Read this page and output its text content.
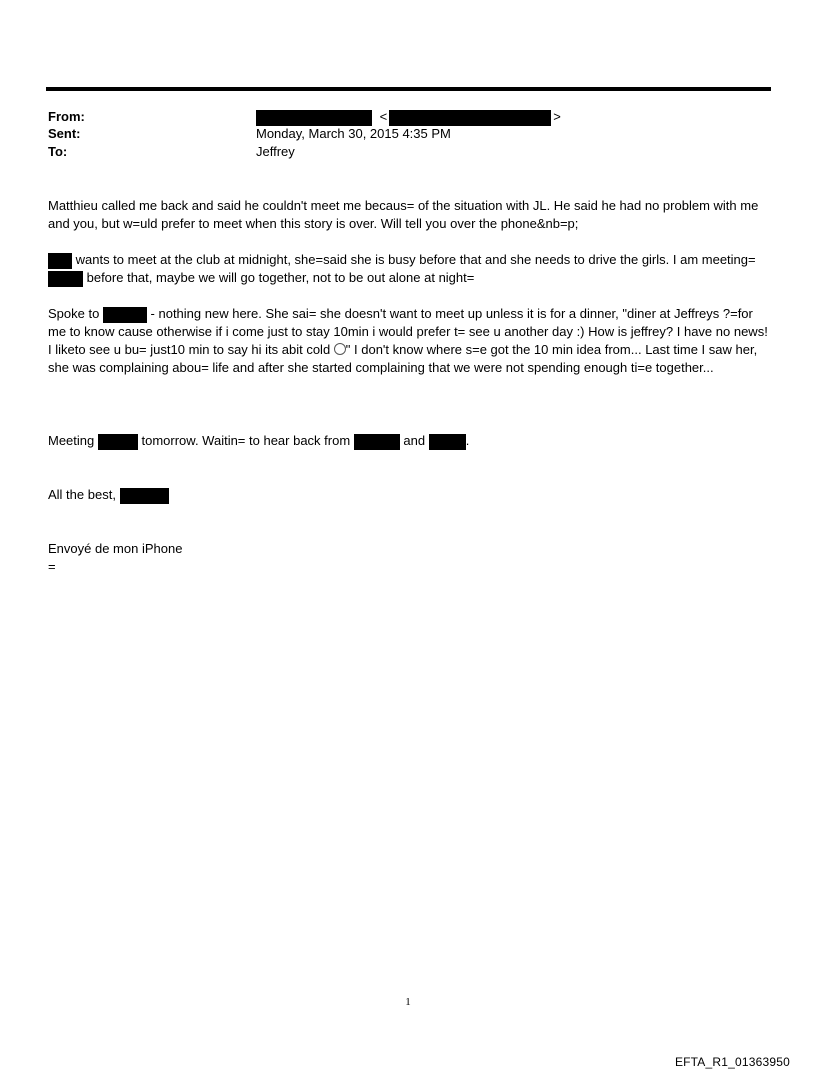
From:	<	>
Sent:	Monday, March 30, 2015 4:35 PM
To:	Jeffrey

Matthieu called me back and said he couldn't meet me becaus= of the situation with JL. He said he had no problem with me and you, but w=uld prefer to meet when this story is over. Will tell you over the phone&nb=p;

wants to meet at the club at midnight, she=said she is busy before that and she needs to drive the girls. I am meeting= before that, maybe we will go together, not to be out alone at night=

Spoke to	- nothing new here. She sai= she doesn't want to meet up unless it is for a dinner, "diner at Jeffreys ?=for me to know cause otherwise if i come just to stay 10min i would prefer t= see u another day :) How is jeffrey? I have no news!
I liketo see u bu= just10 min to say hi its abit cold " I don't know where s=e got the 10 min idea from... Last time I saw her, she was complaining abou= life and after she started complaining that we were not spending enough ti=e together...

Meeting	tomorrow. Waitin= to hear back from	and	.

All the best,

Envoyé de mon iPhone

=

1
EFTA_R1_01363950
